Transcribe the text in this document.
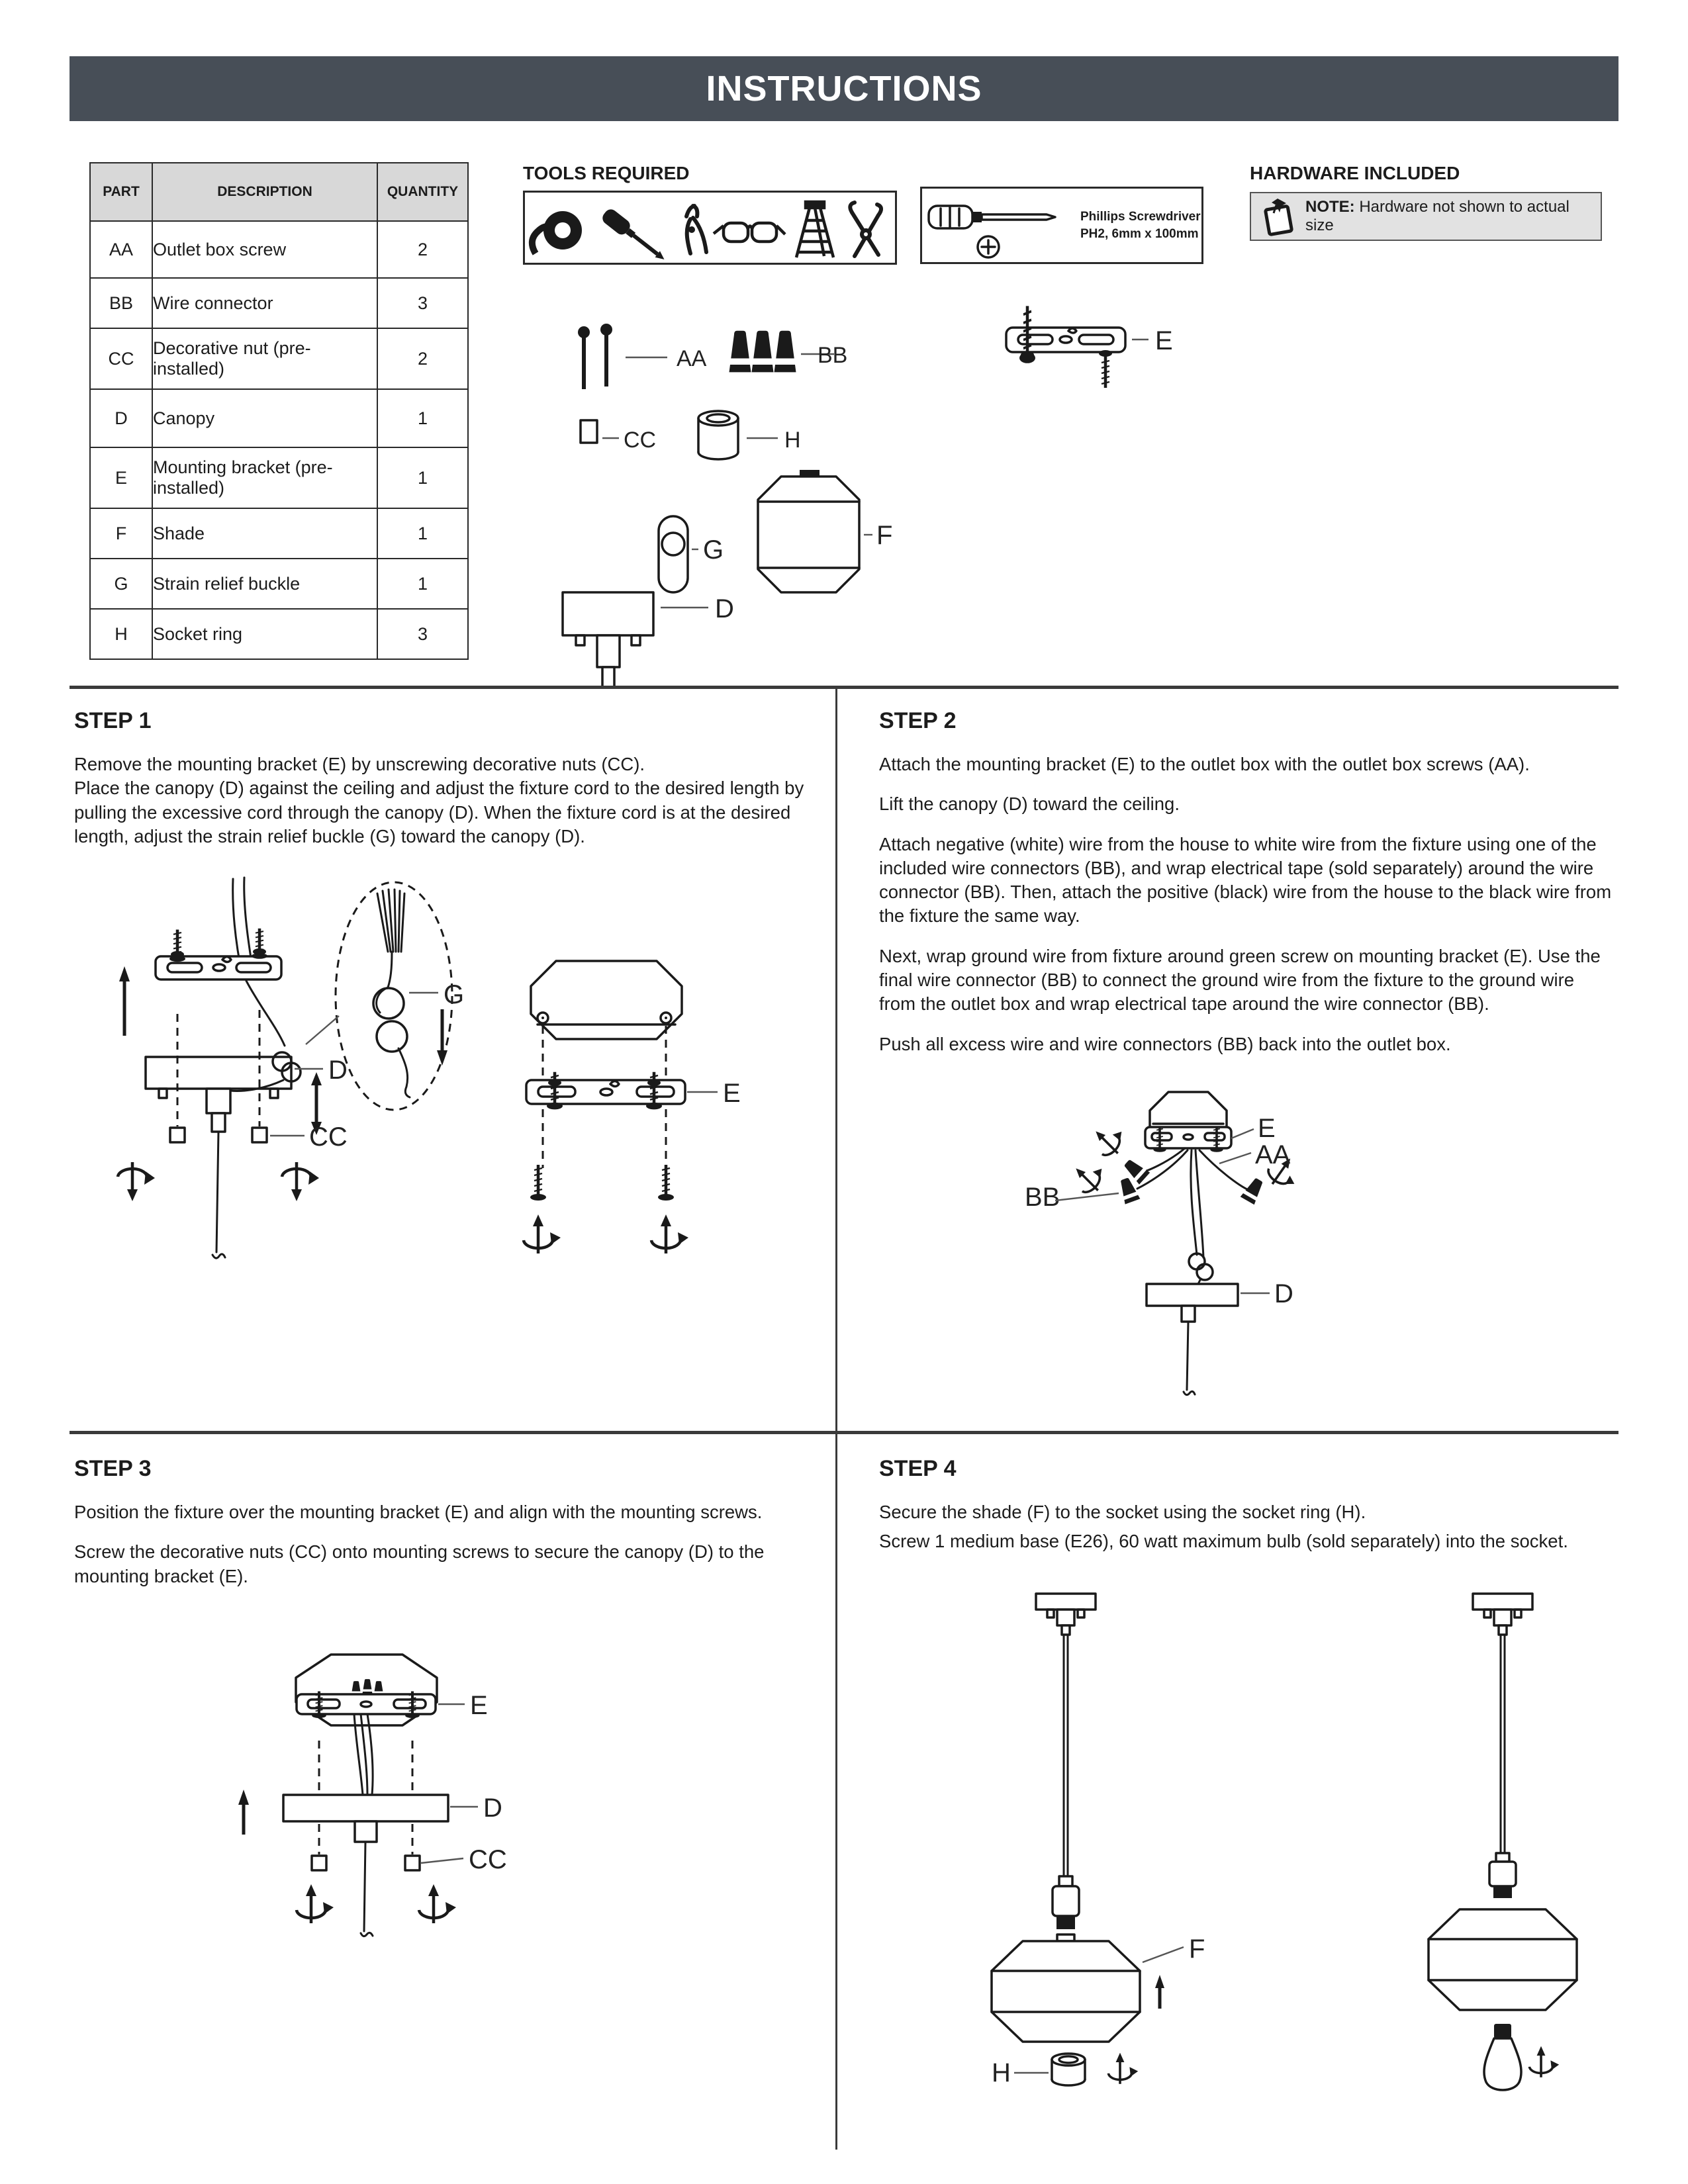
INSTRUCTIONS
PART	DESCRIPTION	QUANTITY
AA	Outlet box screw	2
BB	Wire connector	3
CC	Decorative nut (pre-installed)	2
D	Canopy	1
E	Mounting bracket (pre-installed)	1
F	Shade	1
G	Strain relief buckle	1
H	Socket ring	3
TOOLS REQUIRED
Phillips Screwdriver
PH2, 6mm x 100mm
HARDWARE INCLUDED
NOTE: Hardware not shown to actual size
AA	BB	E
CC	H
D
G	F
STEP 1

Remove the mounting bracket (E) by unscrewing decorative nuts (CC).

Place the canopy (D) against the ceiling and adjust the fixture cord to the desired length by pulling the excessive cord through the canopy (D). When the fixture cord is at the desired length, adjust the strain relief buckle (G) toward the canopy (D).

G
D
CC
E
STEP 2

Attach the mounting bracket (E) to the outlet box with the outlet box screws (AA).

Lift the canopy (D) toward the ceiling.

Attach negative (white) wire from the house to white wire from the fixture using one of the included wire connectors (BB), and wrap electrical tape (sold separately) around the wire connector (BB). Then, attach the positive (black) wire from the house to the black wire from the fixture the same way.

Next, wrap ground wire from fixture around green screw on mounting bracket (E). Use the final wire connector (BB) to connect the ground wire from the fixture to the ground wire from the outlet box and wrap electrical tape around the wire connector (BB).

Push all excess wire and wire connectors (BB) back into the outlet box.

E
AA
BB
D
STEP 3

Position the fixture over the mounting bracket (E) and align with the mounting screws.

Screw the decorative nuts (CC) onto mounting screws to secure the canopy (D) to the mounting bracket (E).

E
D
CC
STEP 4

Secure the shade (F) to the socket using the socket ring (H).

Screw 1 medium base (E26), 60 watt maximum bulb (sold separately) into the socket.

F
H
